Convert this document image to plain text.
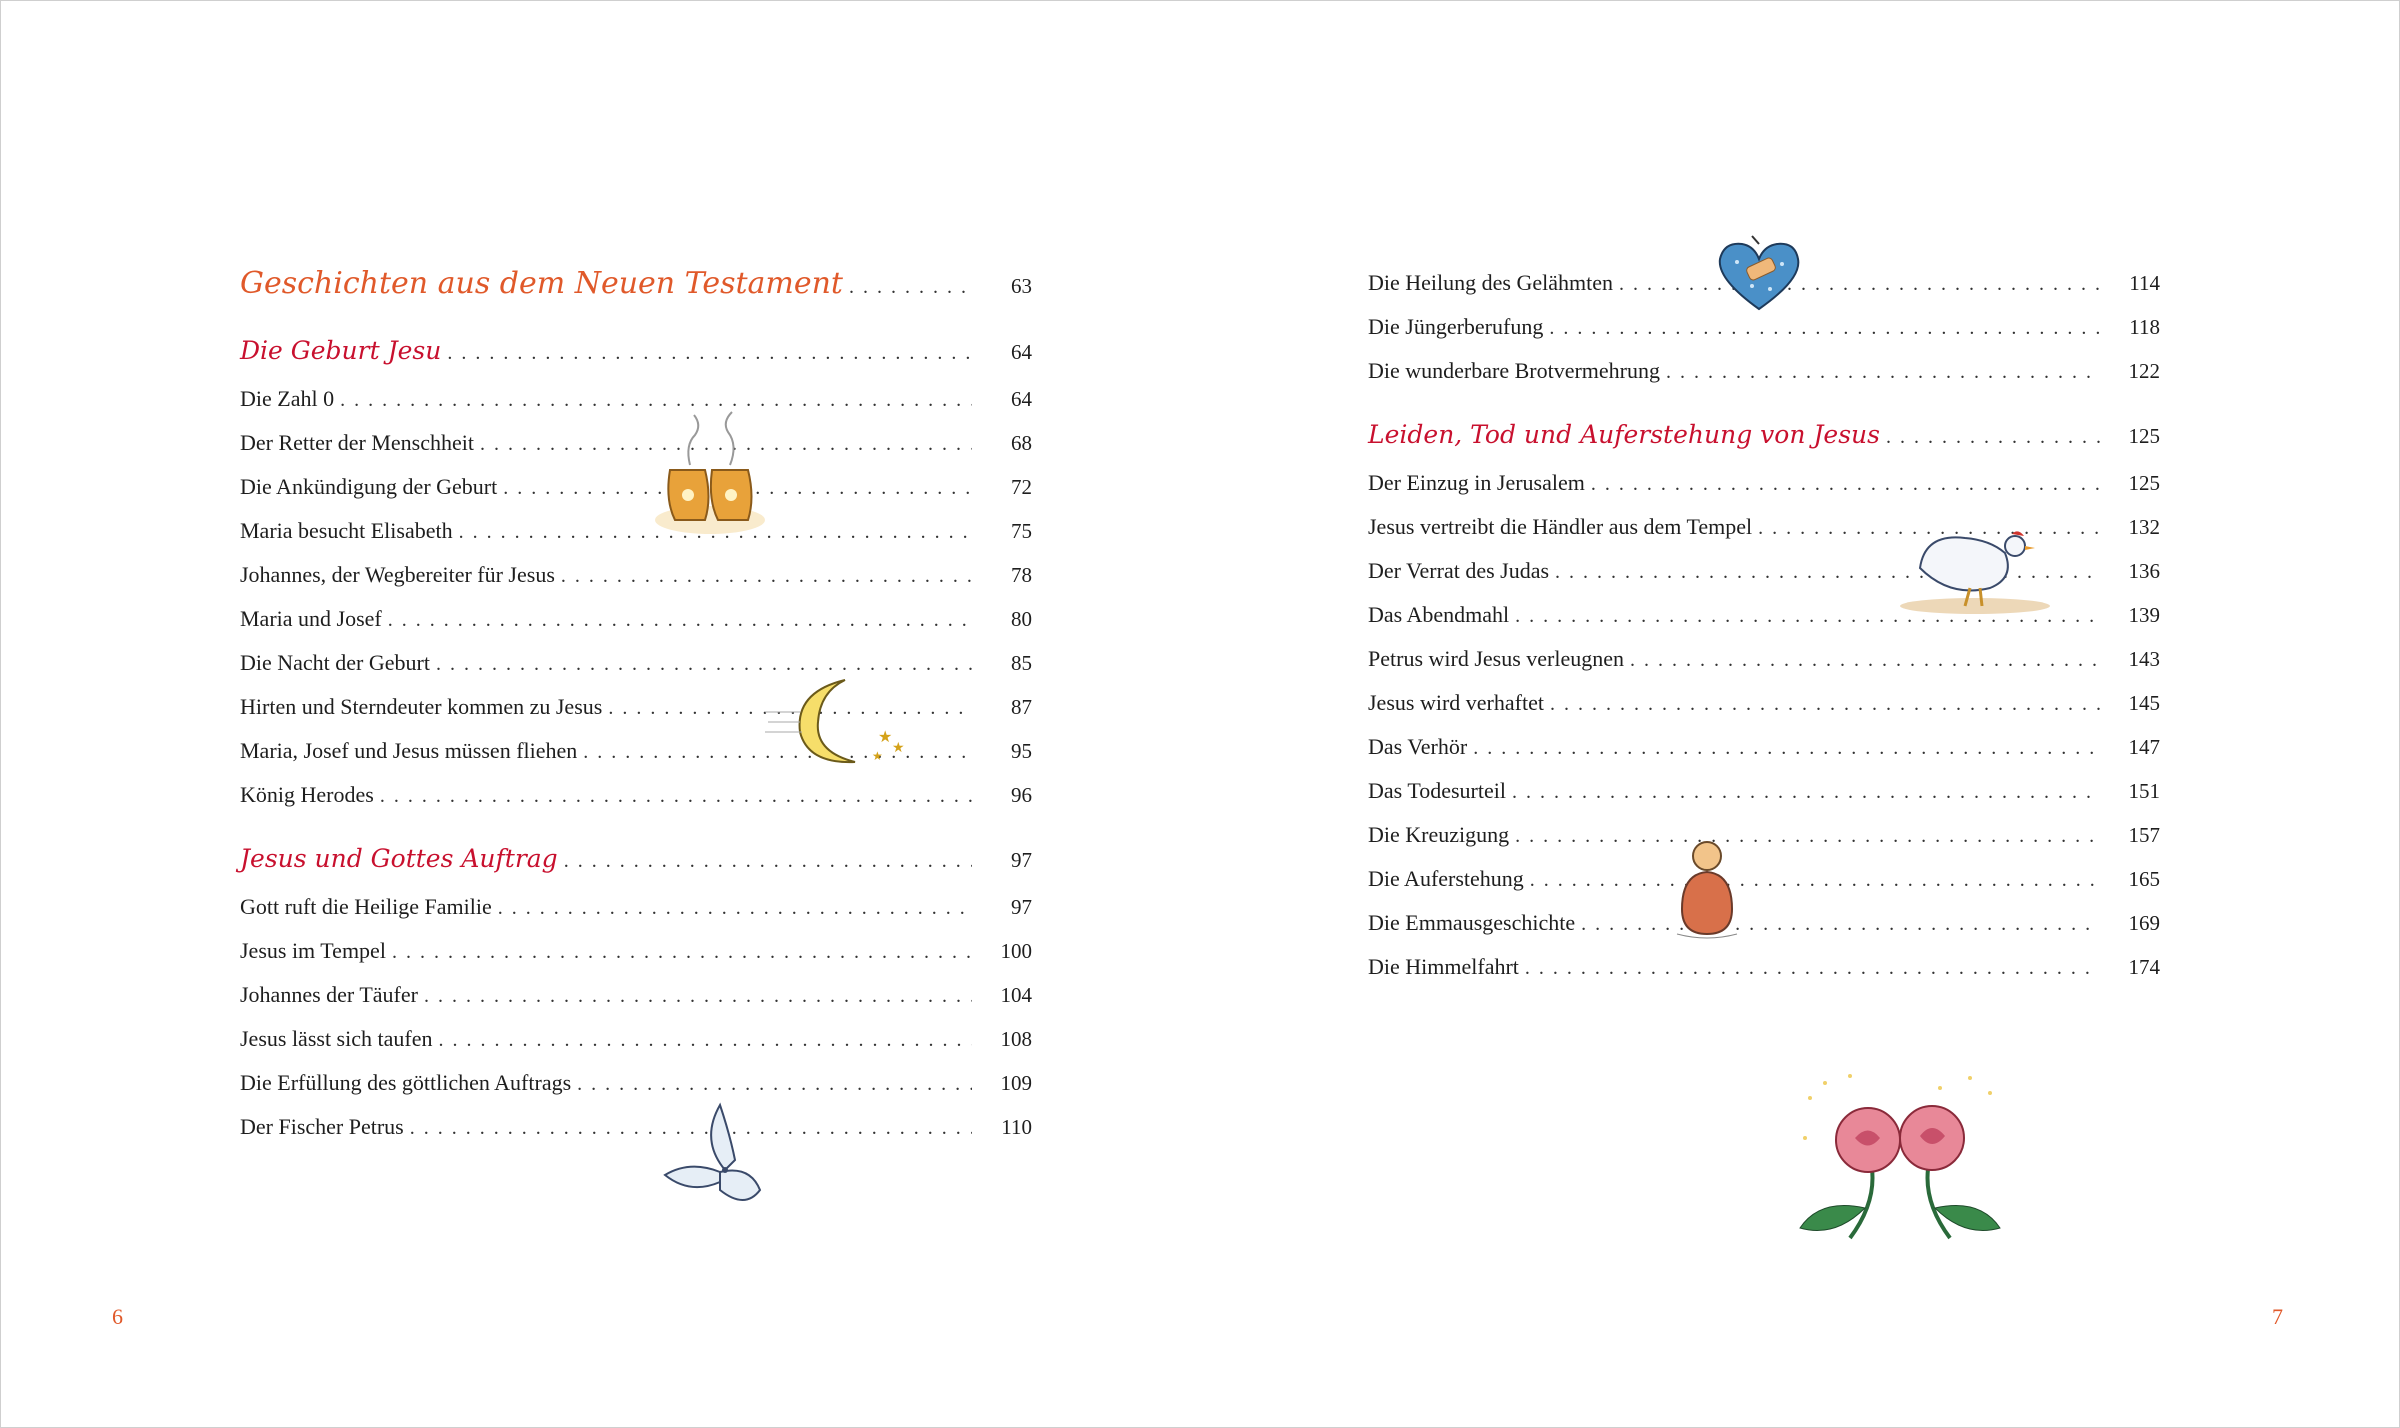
Geschichten aus dem Neuen Testament . . .	63
Die Geburt Jesu . . .	64
Die Zahl 0 . . .	64
Der Retter der Menschheit . . .	68
Die Ankündigung der Geburt . . .	72
Maria besucht Elisabeth . . .	75
Johannes, der Wegbereiter für Jesus . . .	78
Maria und Josef . . .	80
Die Nacht der Geburt . . .	85
Hirten und Sterndeuter kommen zu Jesus . . .	87
Maria, Josef und Jesus müssen fliehen . . .	95
König Herodes . . .	96
Jesus und Gottes Auftrag . . .	97
Gott ruft die Heilige Familie . . .	97
Jesus im Tempel . . .	100
Johannes der Täufer . . .	104
Jesus lässt sich taufen . . .	108
Die Erfüllung des göttlichen Auftrags . . .	109
Der Fischer Petrus . . .	110
Die Heilung des Gelähmten . . .	114
Die Jüngerberufung . . .	118
Die wunderbare Brotvermehrung . . .	122
Leiden, Tod und Auferstehung von Jesus . . .	125
Der Einzug in Jerusalem . . .	125
Jesus vertreibt die Händler aus dem Tempel . . .	132
Der Verrat des Judas . . .	136
Das Abendmahl . . .	139
Petrus wird Jesus verleugnen . . .	143
Jesus wird verhaftet . . .	145
Das Verhör . . .	147
Das Todesurteil . . .	151
Die Kreuzigung . . .	157
Die Auferstehung . . .	165
Die Emmausgeschichte . . .	169
Die Himmelfahrt . . .	174
★
★
★
6	7
